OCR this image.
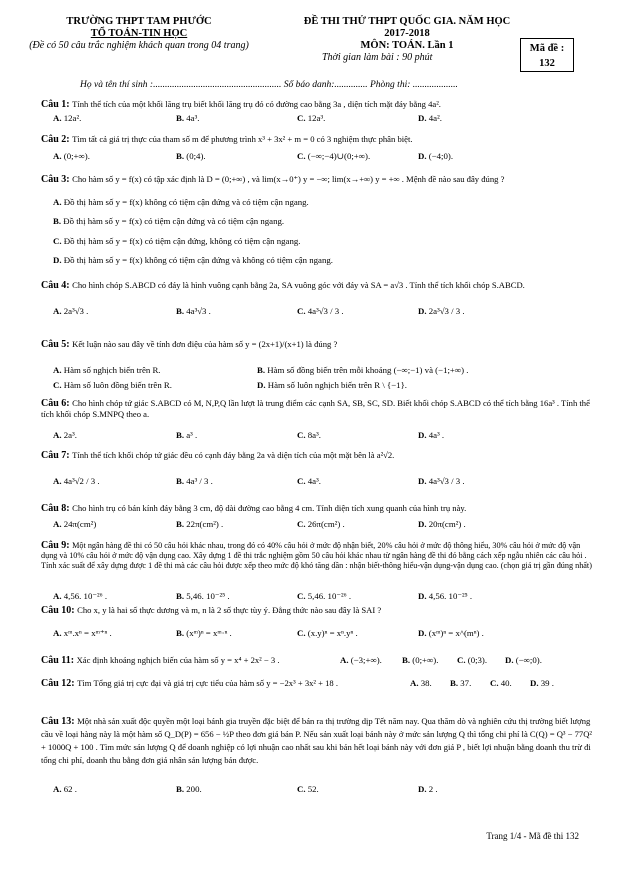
TRƯỜNG THPT TAM PHƯỚC
TỔ TOÁN-TIN HỌC
(Đề có 50 câu trắc nghiệm khách quan trong 04 trang)
ĐỀ THI THỬ THPT QUỐC GIA. NĂM HỌC 2017-2018
MÔN: TOÁN. Lần 1
Thời gian làm bài : 90 phút
Mã đề :
132
Họ và tên thí sinh :...................................................... Số báo danh:.............. Phòng thi: ...................
Câu 1: Tính thể tích của một khối lăng trụ biết khối lăng trụ đó có đường cao bằng 3a , diện tích mặt đáy bằng 4a².
A. 12a².	B. 4a³.	C. 12a³.	D. 4a².
Câu 2: Tìm tất cả giá trị thực của tham số m để phương trình x³ + 3x² + m = 0 có 3 nghiệm thực phân biệt.
A. (0;+∞).	B. (0;4).	C. (−∞;−4)∪(0;+∞).	D. (−4;0).
Câu 3: Cho hàm số y = f(x) có tập xác định là D = (0;+∞) , và lim(x→0⁺) y = −∞; lim(x→+∞) y = +∞ . Mệnh đề nào sau đây đúng ?
A. Đồ thị hàm số y = f(x) không có tiệm cận đứng và có tiệm cận ngang.
B. Đồ thị hàm số y = f(x) có tiệm cận đứng và có tiệm cận ngang.
C. Đồ thị hàm số y = f(x) có tiệm cận đứng, không có tiệm cận ngang.
D. Đồ thị hàm số y = f(x) không có tiệm cận đứng và không có tiệm cận ngang.
Câu 4: Cho hình chóp S.ABCD có đáy là hình vuông cạnh bằng 2a, SA vuông góc với đáy và SA = a√3 . Tính thể tích khối chóp S.ABCD.
A. 2a³√3 .	B. 4a³√3 .	C. 4a³√3 / 3 .	D. 2a³√3 / 3 .
Câu 5: Kết luận nào sau đây về tính đơn điệu của hàm số y = (2x+1)/(x+1) là đúng ?
A. Hàm số nghịch biến trên R.	B. Hàm số đồng biến trên mỗi khoảng (−∞;−1) và (−1;+∞) .
C. Hàm số luôn đồng biến trên R.	D. Hàm số luôn nghịch biến trên R \ {−1}.
Câu 6: Cho hình chóp tứ giác S.ABCD có M, N,P,Q lần lượt là trung điểm các cạnh SA, SB, SC, SD. Biết khối chóp S.ABCD có thể tích bằng 16a³ . Tính thể tích khối chóp S.MNPQ theo a.
A. 2a³.	B. a³ .	C. 8a³.	D. 4a³ .
Câu 7: Tính thể tích khối chóp tứ giác đều có cạnh đáy bằng 2a và diện tích của một mặt bên là a²√2.
A. 4a³√2 / 3 .	B. 4a³ / 3 .	C. 4a³.	D. 4a³√3 / 3 .
Câu 8: Cho hình trụ có bán kính đáy bằng 3 cm, độ dài đường cao bằng 4 cm. Tính diện tích xung quanh của hình trụ này.
A. 24π(cm²)	B. 22π(cm²) .	C. 26π(cm²) .	D. 20π(cm²) .
Câu 9: Một ngân hàng đề thi có 50 câu hỏi khác nhau, trong đó có 40% câu hỏi ở mức độ nhận biết, 20% câu hỏi ở mức độ thông hiểu, 30% câu hỏi ở mức độ vận dụng và 10% câu hỏi ở mức độ vận dụng cao. Xây dựng 1 đề thi trắc nghiệm gồm 50 câu hỏi khác nhau từ ngân hàng đề thi đó bằng cách xếp ngẫu nhiên các câu hỏi . Tính xác suất để xây dựng được 1 đề thi mà các câu hỏi được xếp theo mức độ khó tăng dần : nhận biết-thông hiểu-vận dụng-vận dụng cao. (chọn giá trị gần đúng nhất)
A. 4,56. 10⁻²⁶ .	B. 5,46. 10⁻²⁵ .	C. 5,46. 10⁻²⁶ .	D. 4,56. 10⁻²⁵ .
Câu 10: Cho x, y là hai số thực dương và m, n là 2 số thực tùy ý. Đẳng thức nào sau đây là SAI ?
A. xᵐ.xⁿ = xᵐ⁺ⁿ .	B. (xᵐ)ⁿ = xᵐ·ⁿ .	C. (x.y)ⁿ = xⁿ.yⁿ .	D. (xᵐ)ⁿ = x^(mⁿ) .
Câu 11: Xác định khoảng nghịch biến của hàm số y = x⁴ + 2x² − 3 .	A. (−3;+∞). B. (0;+∞). C. (0;3). D. (−∞;0).
Câu 12: Tìm Tổng giá trị cực đại và giá trị cực tiểu của hàm số y = −2x³ + 3x² + 18 .	A. 38. B. 37. C. 40. D. 39 .
Câu 13: Một nhà sản xuất độc quyền một loại bánh gia truyền đặc biệt để bán ra thị trường dịp Tết năm nay. Qua thăm dò và nghiên cứu thị trường biết lượng cầu về loại hàng này là một hàm số Q_D(P) = 656 − ½P theo đơn giá bán P. Nếu sản xuất loại bánh này ở mức sản lượng Q thì tổng chi phí là C(Q) = Q³ − 77Q² + 1000Q + 100 . Tìm mức sản lượng Q để doanh nghiệp có lợi nhuận cao nhất sau khi bán hết loại bánh này với đơn giá P , biết lợi nhuận bằng doanh thu trừ đi tổng chi phí, doanh thu bằng đơn giá nhân sản lượng bán được.
A. 62 .	B. 200.	C. 52.	D. 2 .
Trang 1/4 - Mã đề thi 132
